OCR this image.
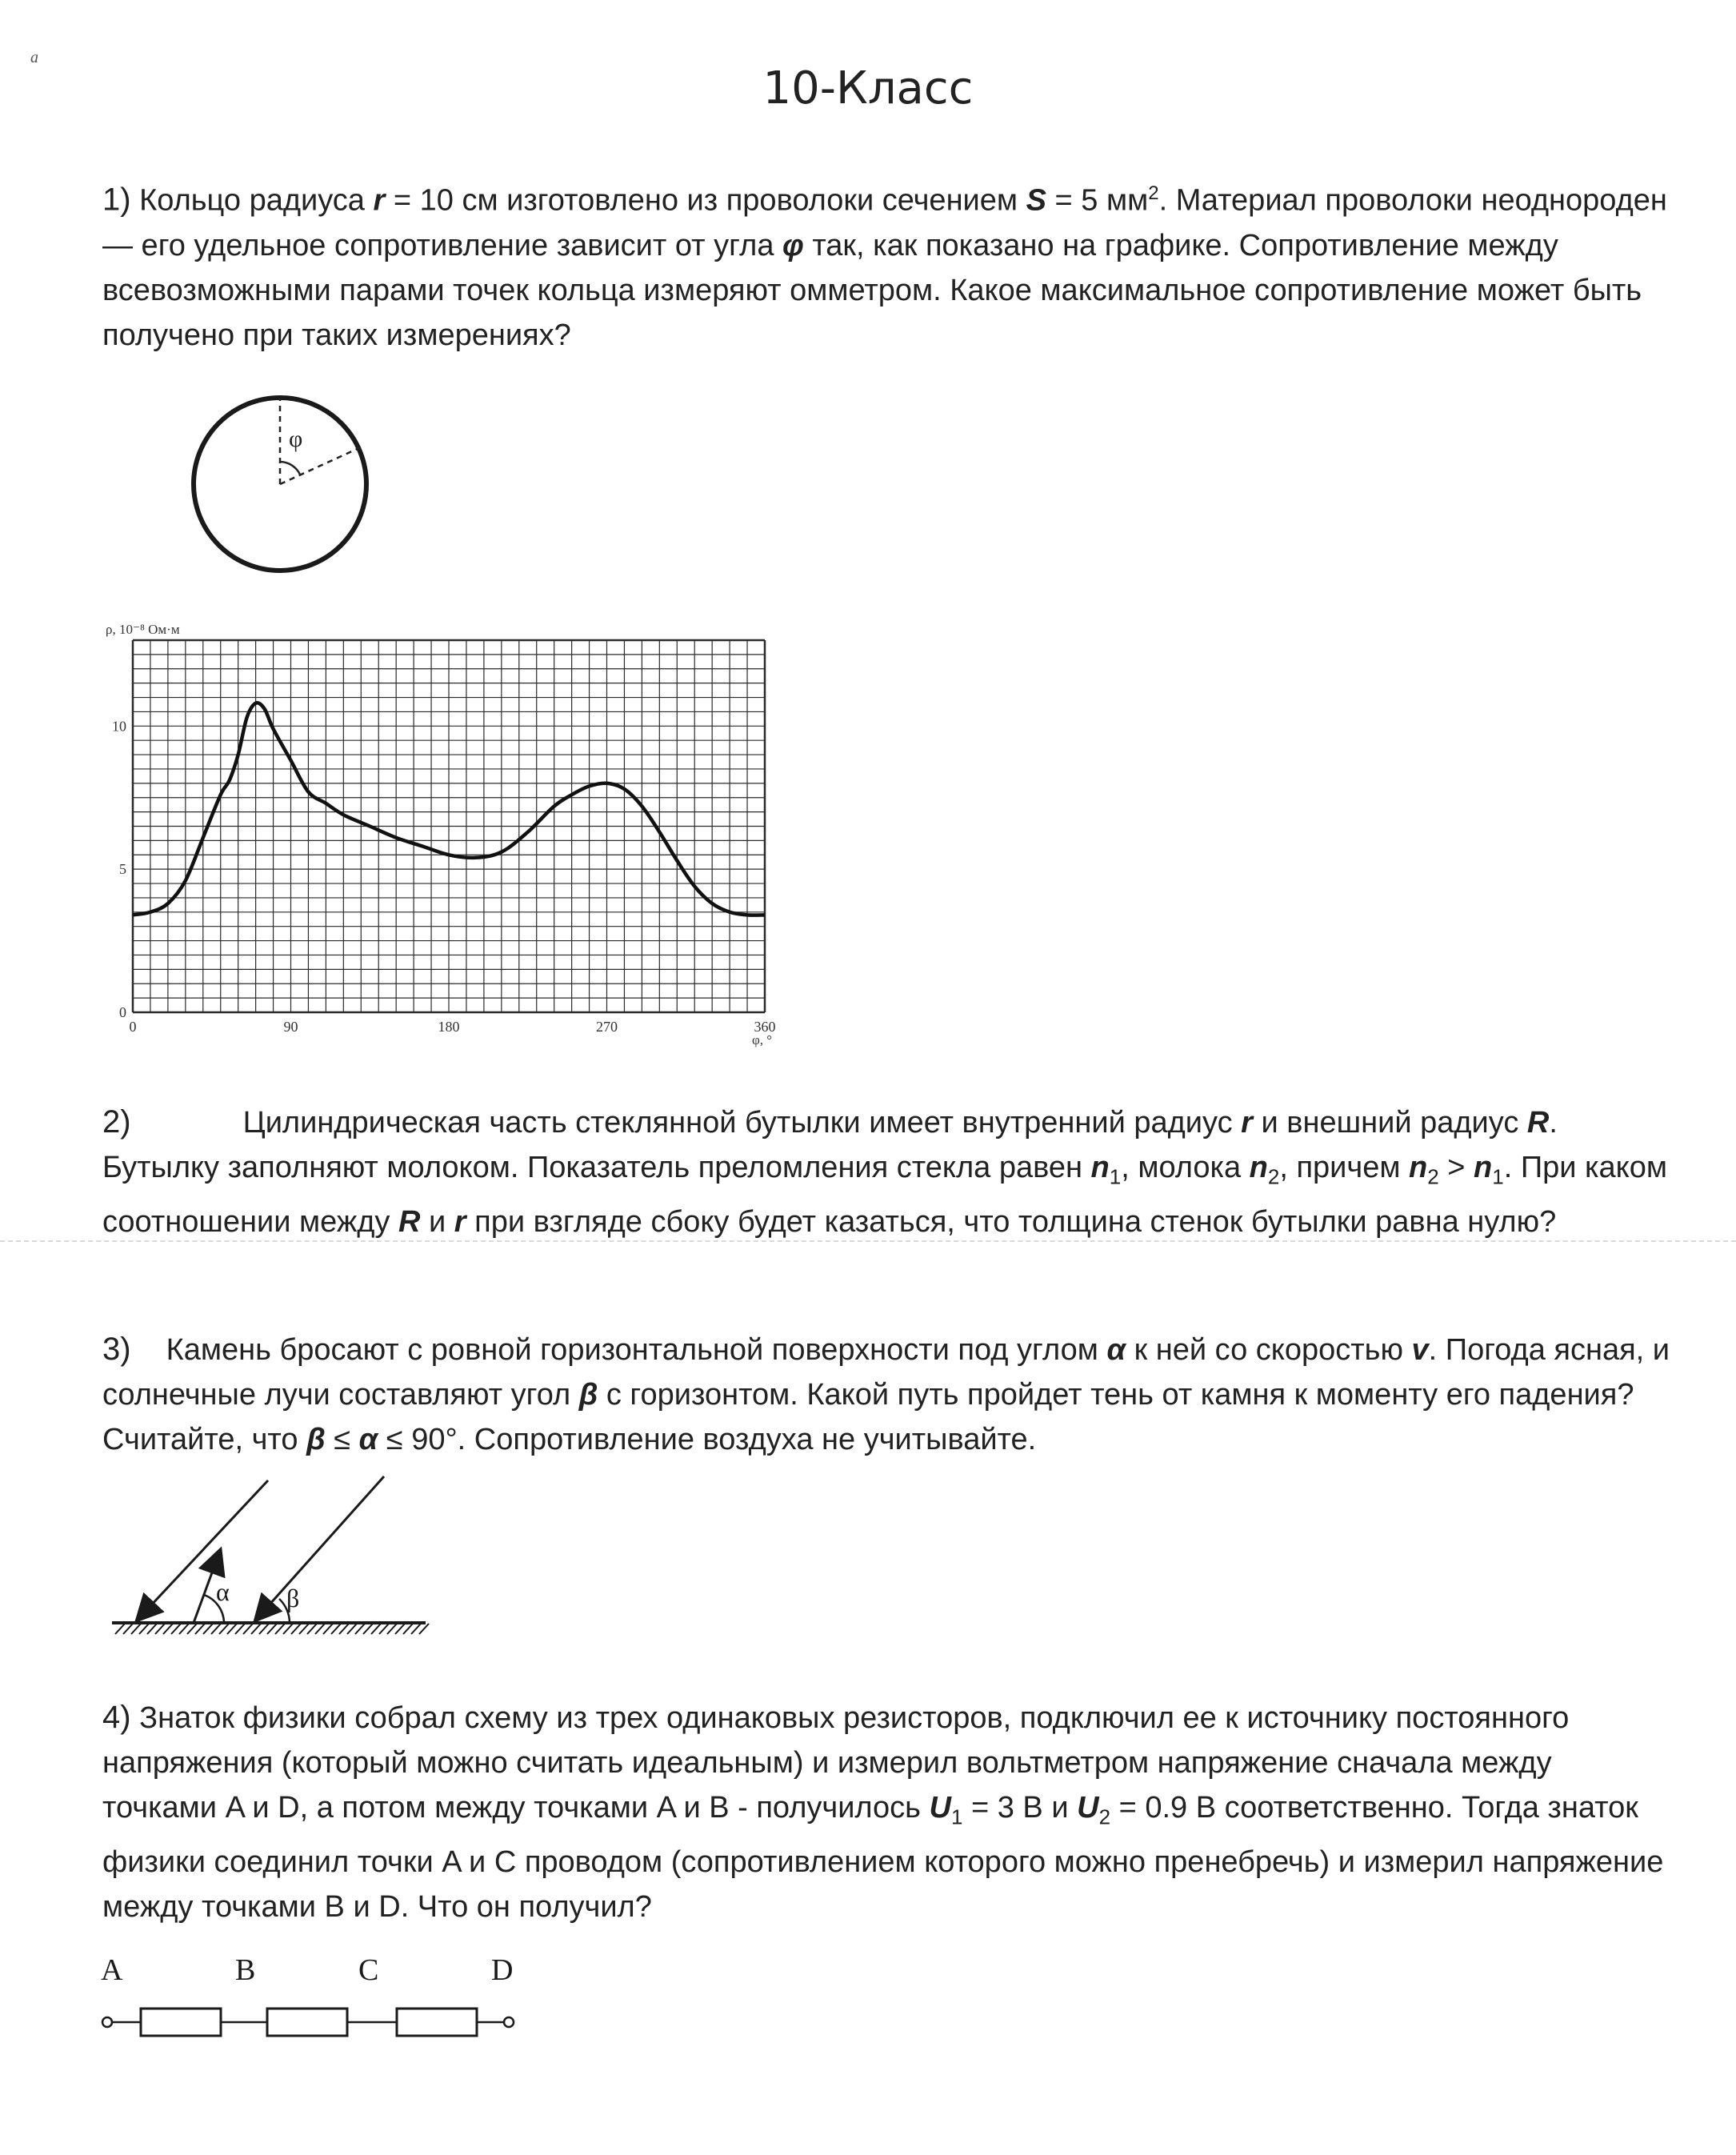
a
10-Класс
1) Кольцо радиуса r = 10 см изготовлено из проволоки сечением S = 5 $мм^2$. Материал проволоки неоднороден — его удельное сопротивление зависит от угла φ так, как показано на графике. Сопротивление между всевозможными парами точек кольца измеряют омметром. Какое максимальное сопротивление может быть получено при таких измерениях?
φ
ρ, 10⁻⁸ Ом·м
0	90	180	270	360
0
5
10
φ, °
2)	Цилиндрическая часть стеклянной бутылки имеет внутренний радиус r и внешний радиус R. Бутылку заполняют молоком. Показатель преломления стекла равен $n_1$, молока $n_2$, причем $n_2 > n_1$. При каком соотношении между R и r при взгляде сбоку будет казаться, что толщина стенок бутылки равна нулю?
3) Камень бросают с ровной горизонтальной поверхности под углом α к ней со скоростью v. Погода ясная, и солнечные лучи составляют угол β с горизонтом. Какой путь пройдет тень от камня к моменту его падения? Считайте, что β ≤ α ≤ 90°. Сопротивление воздуха не учитывайте.
α β
4) Знаток физики собрал схему из трех одинаковых резисторов, подключил ее к источнику постоянного напряжения (который можно считать идеальным) и измерил вольтметром напряжение сначала между точками A и D, а потом между точками A и B - получилось $U_1 = 3$ В и $U_2 = 0.9$ В соответственно. Тогда знаток физики соединил точки A и C проводом (сопротивлением которого можно пренебречь) и измерил напряжение между точками B и D. Что он получил?
A	B	C	D
